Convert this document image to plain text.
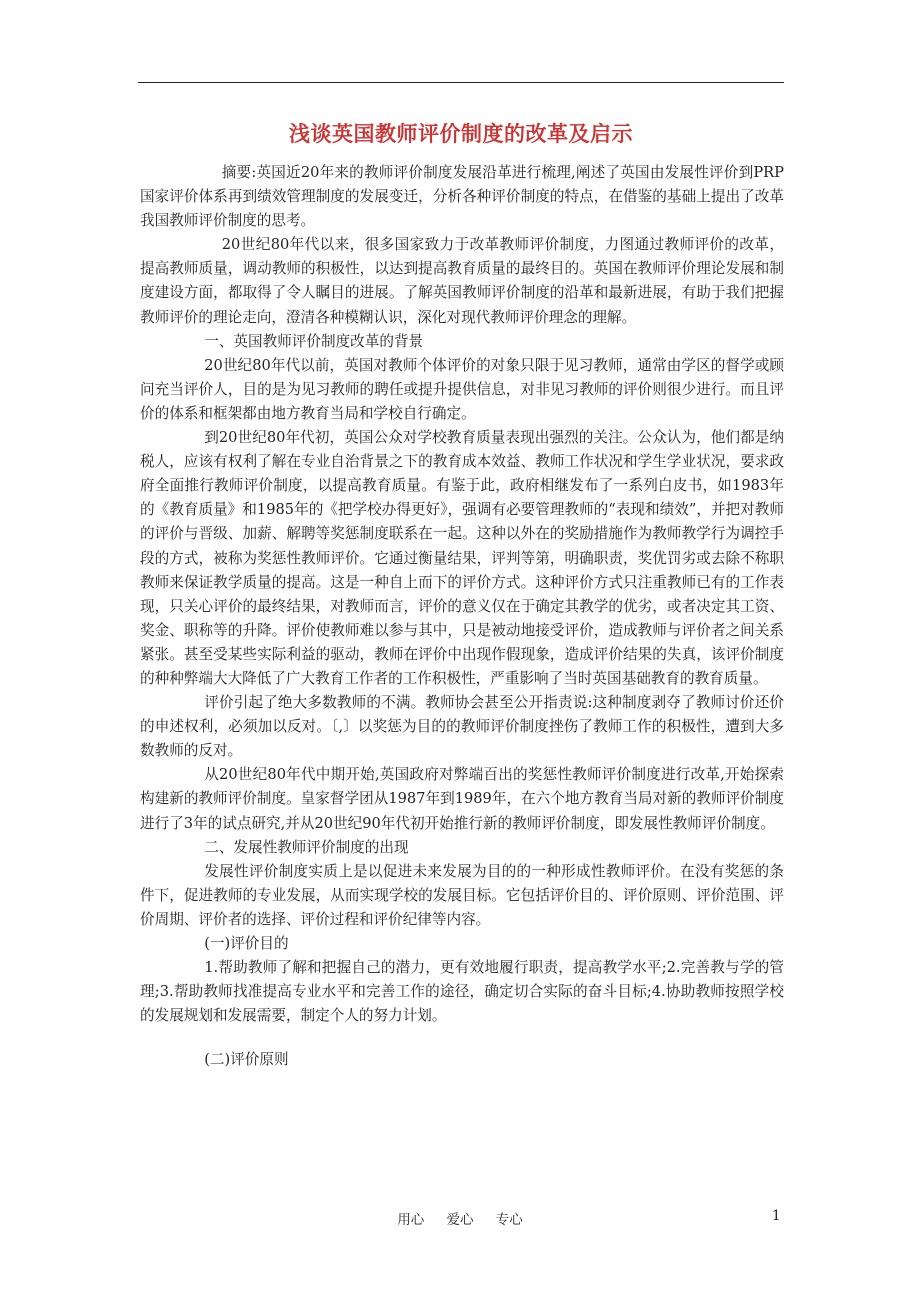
浅谈英国教师评价制度的改革及启示

摘要:英国近20年来的教师评价制度发展沿革进行梳理,阐述了英国由发展性评价到PRP国家评价体系再到绩效管理制度的发展变迁，分析各种评价制度的特点，在借鉴的基础上提出了改革我国教师评价制度的思考。

20世纪80年代以来，很多国家致力于改革教师评价制度，力图通过教师评价的改革，提高教师质量，调动教师的积极性，以达到提高教育质量的最终目的。英国在教师评价理论发展和制度建设方面，都取得了令人瞩目的进展。了解英国教师评价制度的沿革和最新进展，有助于我们把握教师评价的理论走向，澄清各种模糊认识，深化对现代教师评价理念的理解。

一、英国教师评价制度改革的背景

20世纪80年代以前，英国对教师个体评价的对象只限于见习教师，通常由学区的督学或顾问充当评价人，目的是为见习教师的聘任或提升提供信息，对非见习教师的评价则很少进行。而且评价的体系和框架都由地方教育当局和学校自行确定。

到20世纪80年代初，英国公众对学校教育质量表现出强烈的关注。公众认为，他们都是纳税人，应该有权利了解在专业自治背景之下的教育成本效益、教师工作状况和学生学业状况，要求政府全面推行教师评价制度，以提高教育质量。有鉴于此，政府相继发布了一系列白皮书，如1983年的《教育质量》和1985年的《把学校办得更好》，强调有必要管理教师的“表现和绩效”，并把对教师的评价与晋级、加薪、解聘等奖惩制度联系在一起。这种以外在的奖励措施作为教师教学行为调控手段的方式，被称为奖惩性教师评价。它通过衡量结果，评判等第，明确职责，奖优罚劣或去除不称职教师来保证教学质量的提高。这是一种自上而下的评价方式。这种评价方式只注重教师已有的工作表现，只关心评价的最终结果，对教师而言，评价的意义仅在于确定其教学的优劣，或者决定其工资、奖金、职称等的升降。评价使教师难以参与其中，只是被动地接受评价，造成教师与评价者之间关系紧张。甚至受某些实际利益的驱动，教师在评价中出现作假现象，造成评价结果的失真，该评价制度的种种弊端大大降低了广大教育工作者的工作积极性，严重影响了当时英国基础教育的教育质量。

评价引起了绝大多数教师的不满。教师协会甚至公开指责说:这种制度剥夺了教师讨价还价的申述权利，必须加以反对。〔,〕以奖惩为目的的教师评价制度挫伤了教师工作的积极性，遭到大多数教师的反对。

从20世纪80年代中期开始,英国政府对弊端百出的奖惩性教师评价制度进行改革,开始探索构建新的教师评价制度。皇家督学团从1987年到1989年，在六个地方教育当局对新的教师评价制度进行了3年的试点研究,并从20世纪90年代初开始推行新的教师评价制度，即发展性教师评价制度。

二、发展性教师评价制度的出现

发展性评价制度实质上是以促进未来发展为目的的一种形成性教师评价。在没有奖惩的条件下，促进教师的专业发展，从而实现学校的发展目标。它包括评价目的、评价原则、评价范围、评价周期、评价者的选择、评价过程和评价纪律等内容。

(一)评价目的

1.帮助教师了解和把握自己的潜力，更有效地履行职责，提高教学水平;2.完善教与学的管理;3.帮助教师找准提高专业水平和完善工作的途径，确定切合实际的奋斗目标;4.协助教师按照学校的发展规划和发展需要，制定个人的努力计划。

(二)评价原则

用心 爱心 专心	1
